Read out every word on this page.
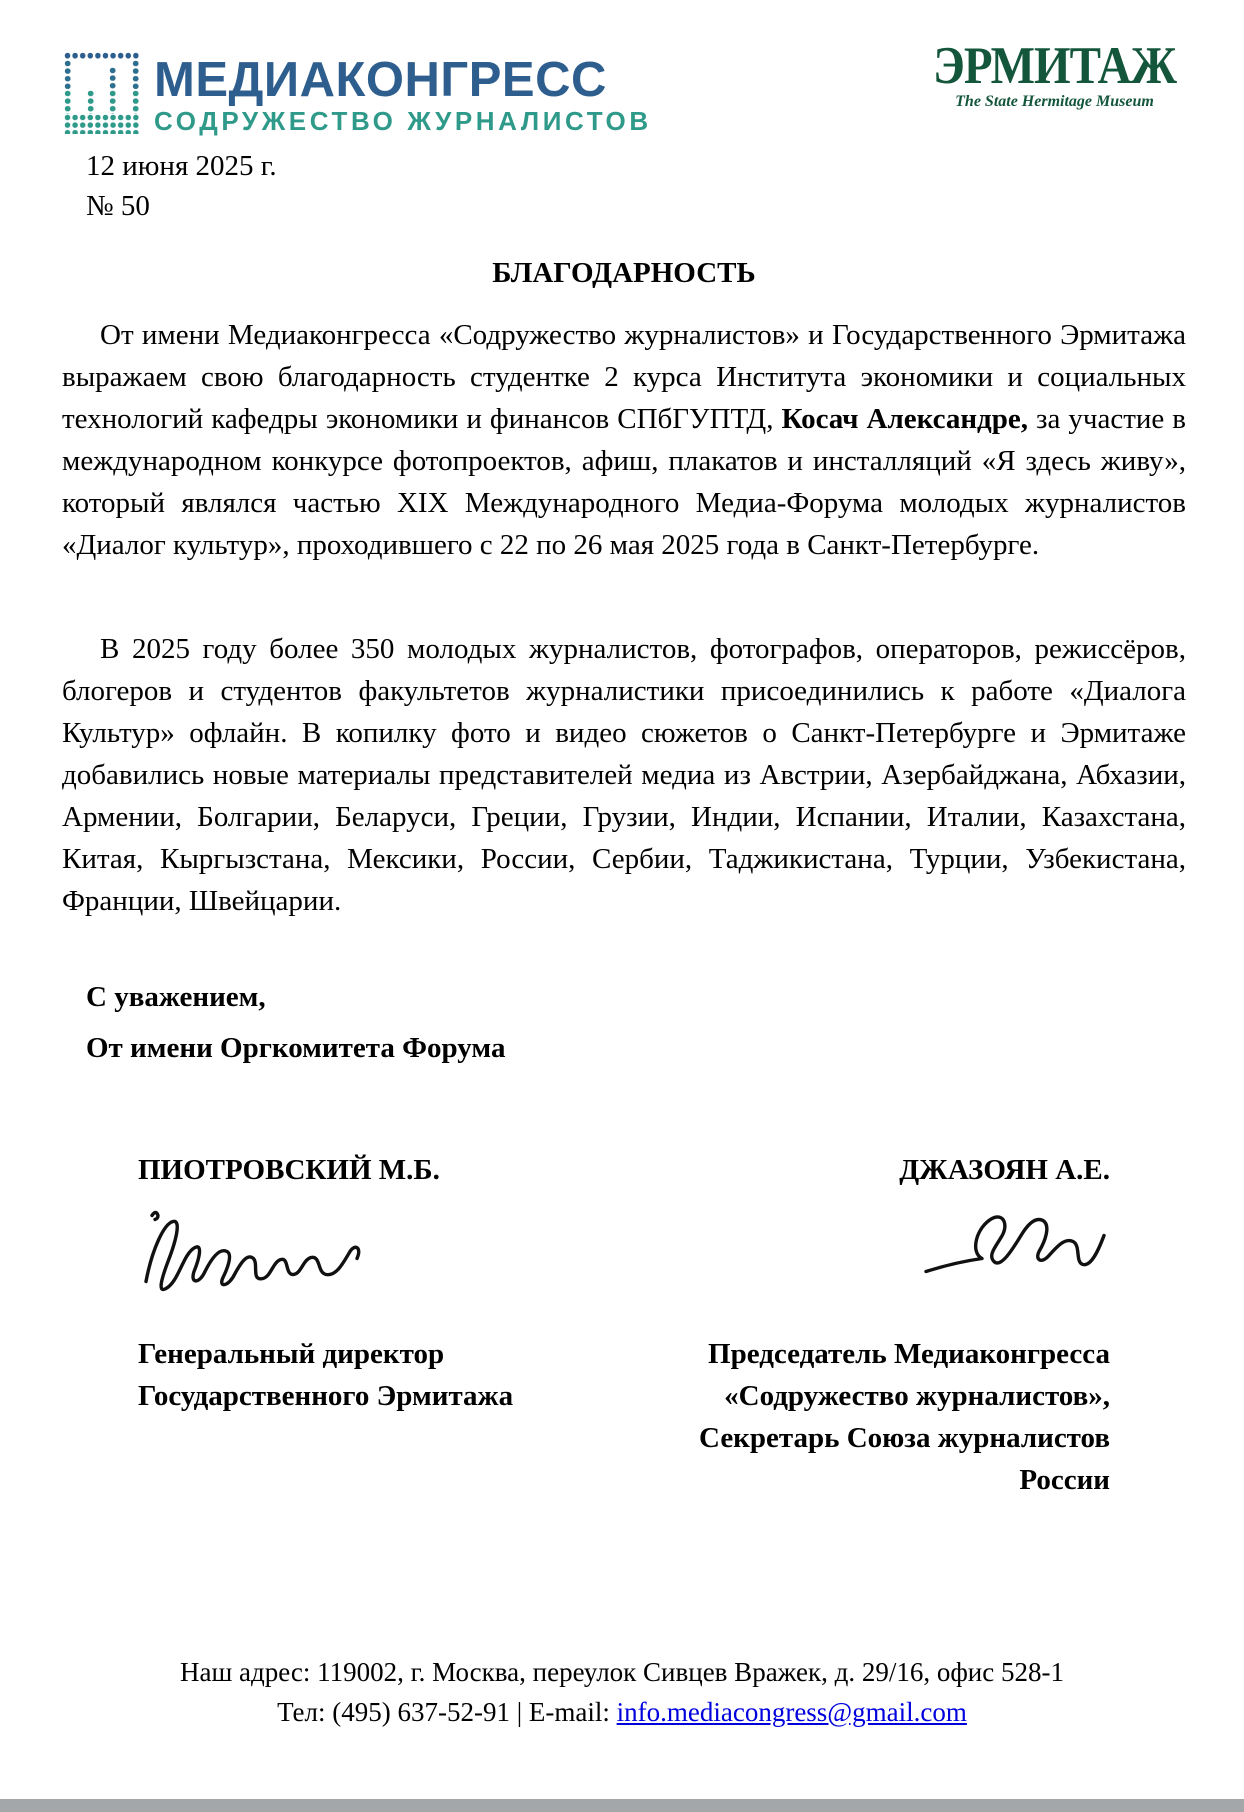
МЕДИАКОНГРЕСС
СОДРУЖЕСТВО ЖУРНАЛИСТОВ
ЭРМИТАЖ
The State Hermitage Museum
12 июня 2025 г.
№ 50
БЛАГОДАРНОСТЬ

От имени Медиаконгресса «Содружество журналистов» и Государственного Эрмитажа выражаем свою благодарность студентке 2 курса Института экономики и социальных технологий кафедры экономики и финансов СПбГУПТД, Косач Александре, за участие в международном конкурсе фотопроектов, афиш, плакатов и инсталляций «Я здесь живу», который являлся частью XIX Международного Медиа-Форума молодых журналистов «Диалог культур», проходившего с 22 по 26 мая 2025 года в Санкт-Петербурге.

В 2025 году более 350 молодых журналистов, фотографов, операторов, режиссёров, блогеров и студентов факультетов журналистики присоединились к работе «Диалога Культур» офлайн. В копилку фото и видео сюжетов о Санкт-Петербурге и Эрмитаже добавились новые материалы представителей медиа из Австрии, Азербайджана, Абхазии, Армении, Болгарии, Беларуси, Греции, Грузии, Индии, Испании, Италии, Казахстана, Китая, Кыргызстана, Мексики, России, Сербии, Таджикистана, Турции, Узбекистана, Франции, Швейцарии.

С уважением,
От имени Оргкомитета Форума
ПИОТРОВСКИЙ М.Б.	ДЖАЗОЯН А.Е.
Генеральный директор
Государственного Эрмитажа
Председатель Медиаконгресса «Содружество журналистов»,
Секретарь Союза журналистов России
Наш адрес: 119002, г. Москва, переулок Сивцев Вражек, д. 29/16, офис 528-1
Тел: (495) 637-52-91 | E-mail: info.mediacongress@gmail.com
